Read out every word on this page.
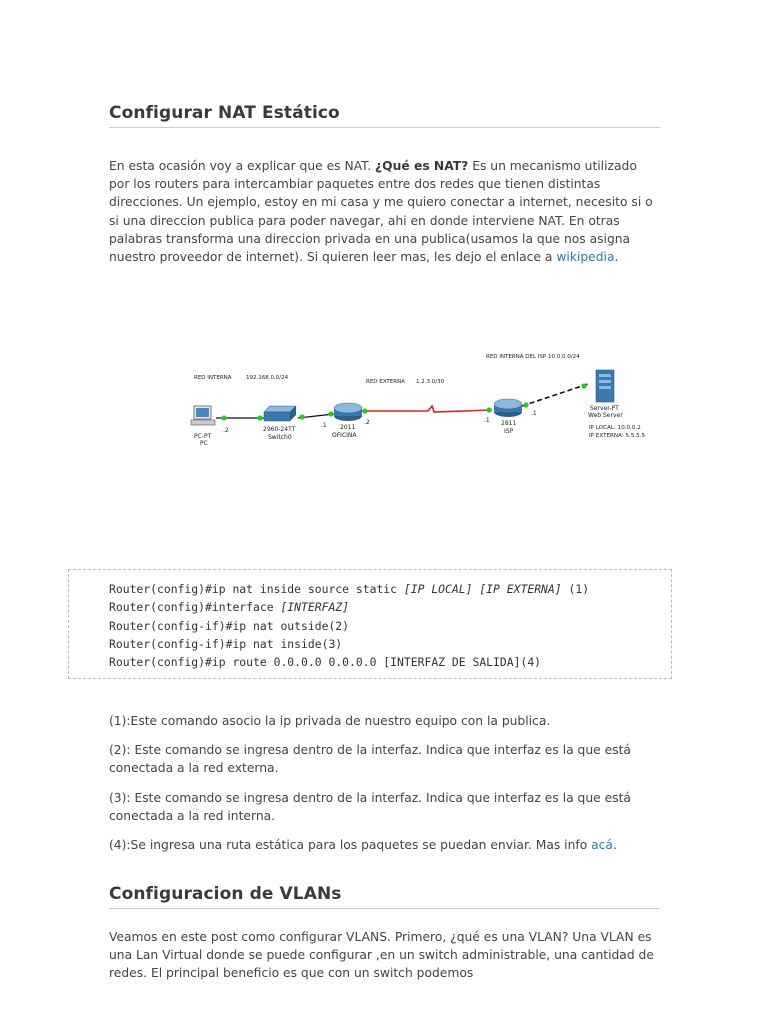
Configurar NAT Estático

En esta ocasión voy a explicar que es NAT. ¿Qué es NAT? Es un mecanismo utilizado por los routers para intercambiar paquetes entre dos redes que tienen distintas direcciones. Un ejemplo, estoy en mi casa y me quiero conectar a internet, necesito si o si una direccion publica para poder navegar, ahi en donde interviene NAT. En otras palabras transforma una direccion privada en una publica(usamos la que nos asigna nuestro proveedor de internet). Si quieren leer mas, les dejo el enlace a wikipedia.

(1):Este comando asocio la ip privada de nuestro equipo con la publica.

(2): Este comando se ingresa dentro de la interfaz. Indica que interfaz es la que está conectada a la red externa.

(3): Este comando se ingresa dentro de la interfaz. Indica que interfaz es la que está conectada a la red interna.

(4):Se ingresa una ruta estática para los paquetes se puedan enviar. Mas info acá.

Configuracion de VLANs

Veamos en este post como configurar VLANS. Primero, ¿qué es una VLAN? Una VLAN es una Lan Virtual donde se puede configurar ,en un switch administrable, una cantidad de redes. El principal beneficio es que con un switch podemos

RED INTERNA	192.168.0.0/24
RED EXTERNA 1.2.3.0/30
RED INTERNA DEL ISP 10.0.0.0/24
.2
PC-PT
PC
2960-24TT
Switch0
.1	.2
2011
OFICINA
.1
.1
2811
ISP
Server-PT
Web Server
IP LOCAL: 10.0.0.2
IP EXTERNA: 5.5.5.5
Router(config)#ip nat inside source static [IP LOCAL] [IP EXTERNA] (1)
Router(config)#interface [INTERFAZ]
Router(config-if)#ip nat outside(2)
Router(config-if)#ip nat inside(3)
Router(config)#ip route 0.0.0.0 0.0.0.0 [INTERFAZ DE SALIDA](4)
